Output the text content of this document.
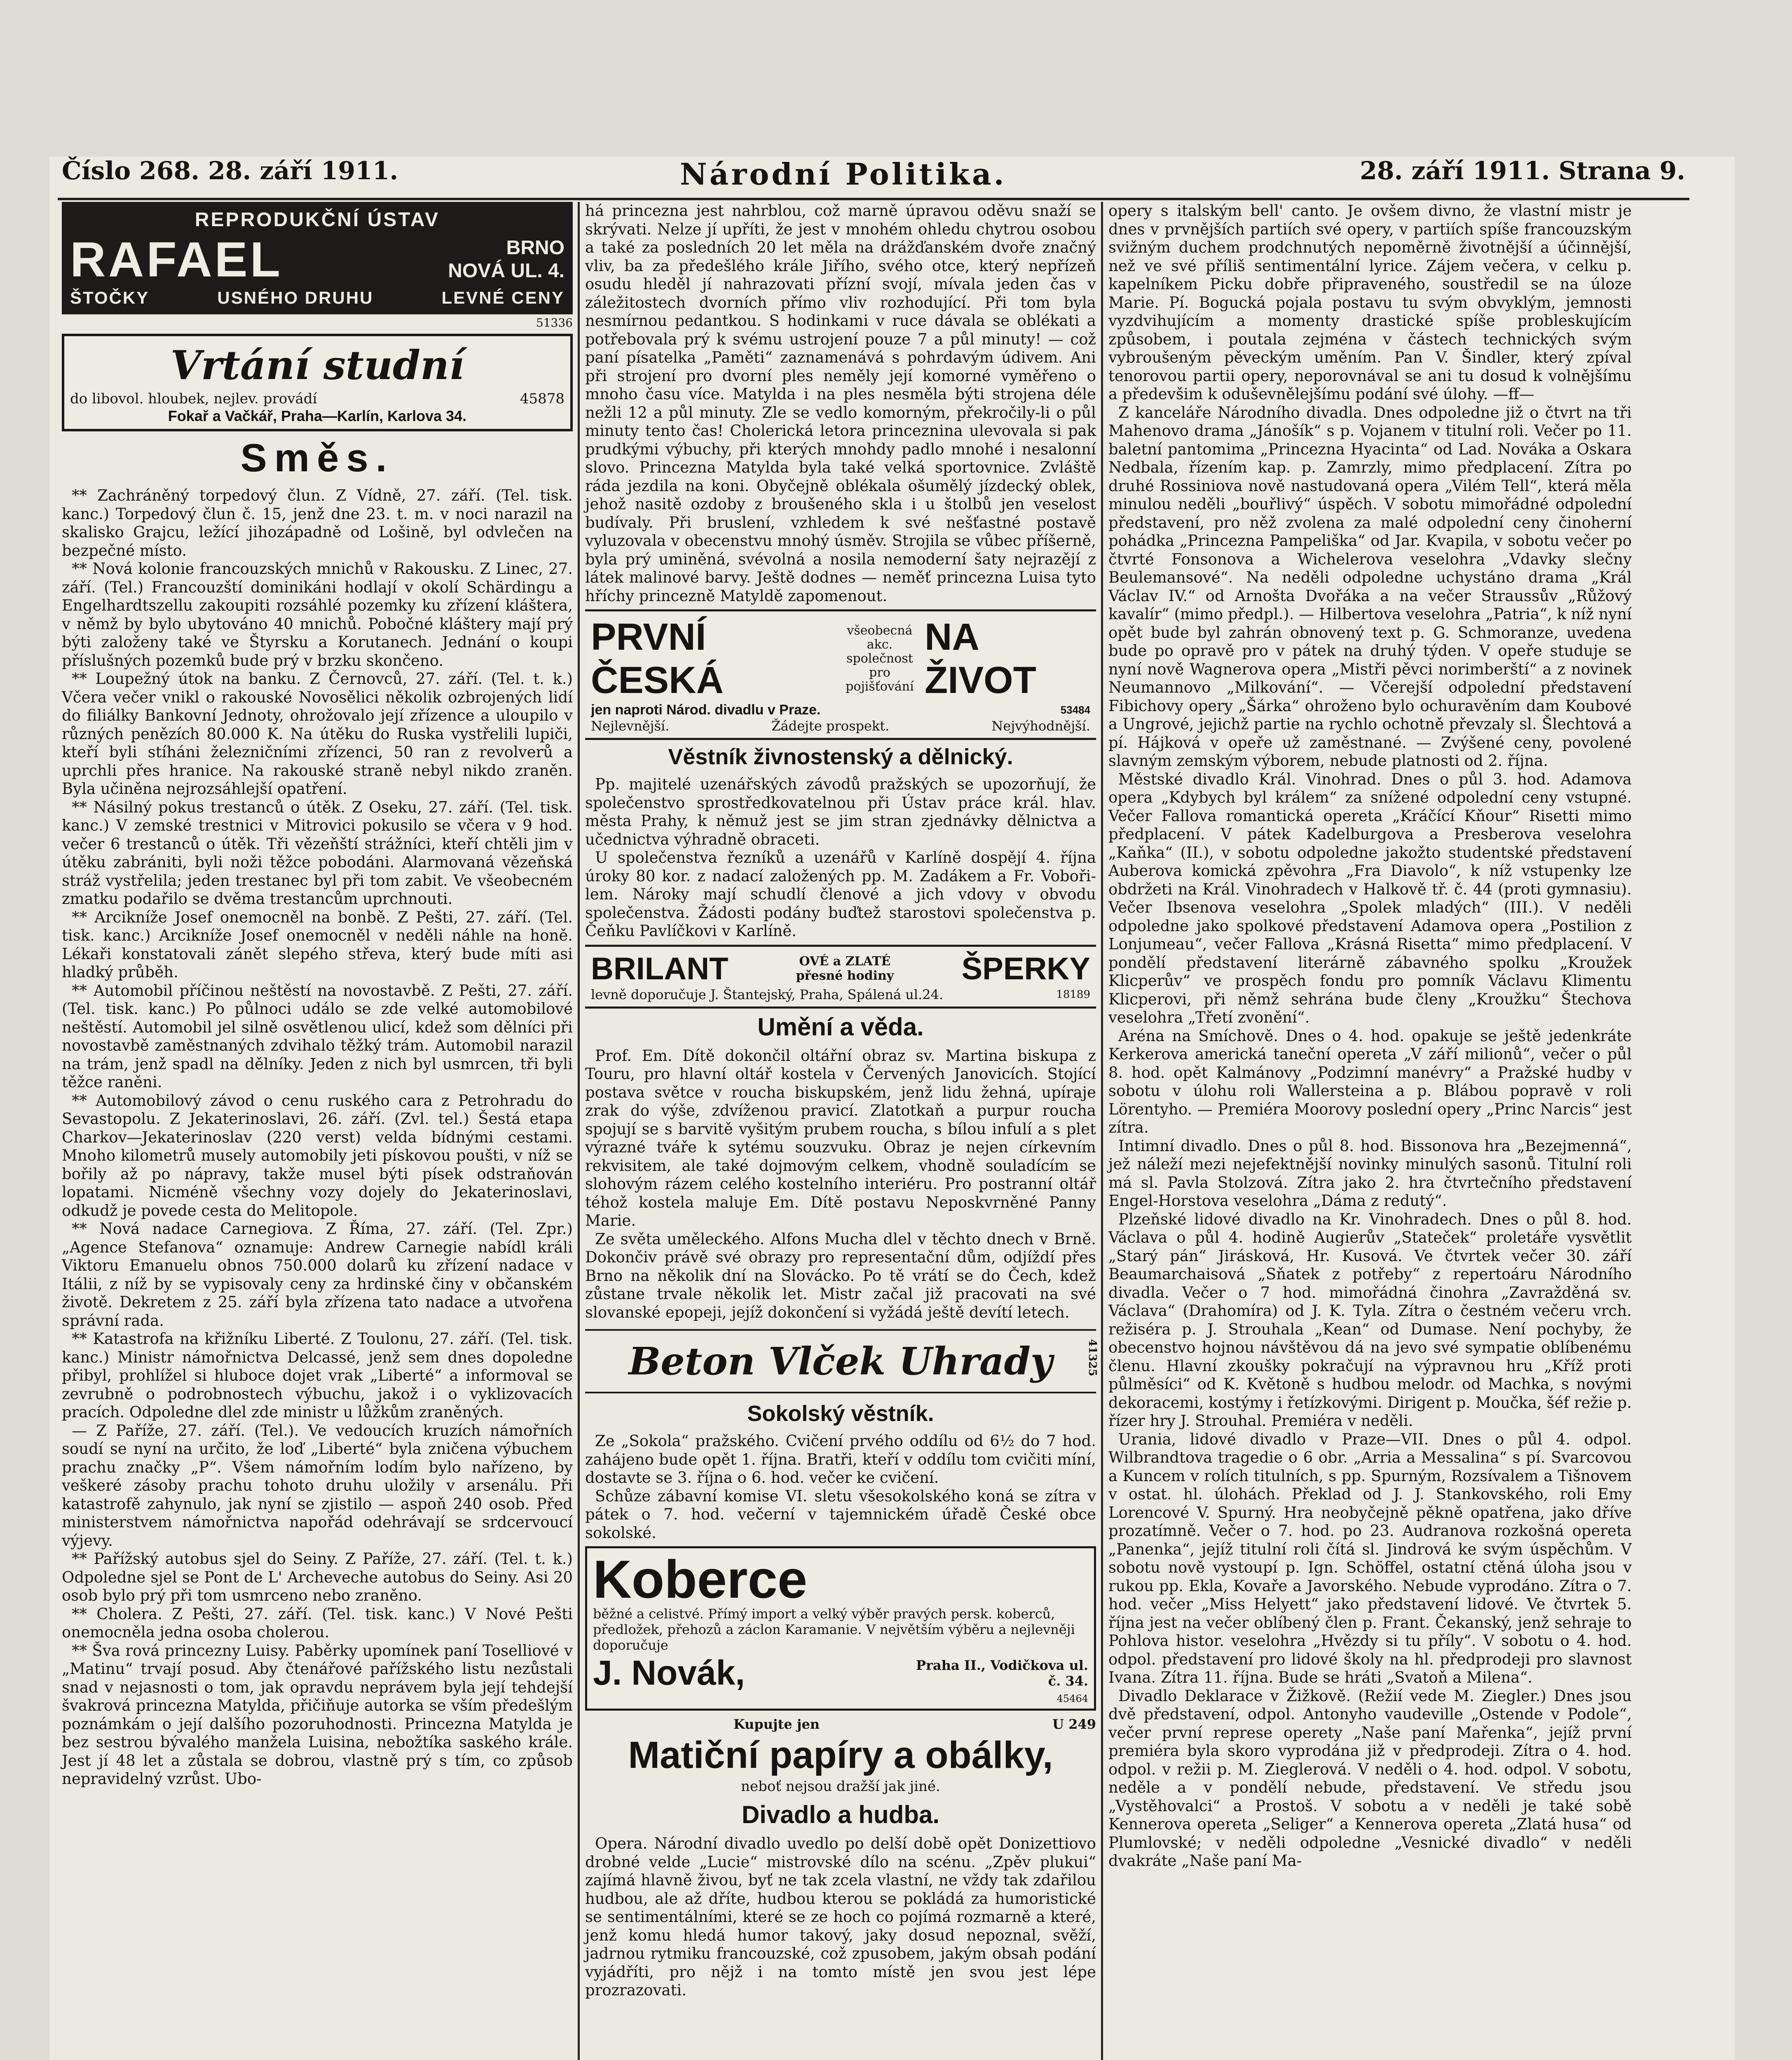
Číslo 268. 28. září 1911.	Národní Politika.	28. září 1911. Strana 9.
REPRODUKČNÍ ÚSTAV
RAFAEL	BRNO
NOVÁ UL. 4.
ŠTOČKY	USNÉHO DRUHU	LEVNÉ CENY
51336
Vrtání studní
do libovol. hloubek, nejlev. provádí	45878
Fokař a Vačkář, Praha—Karlín, Karlova 34.
Směs.

** Zachráněný torpedový člun. Z Vídně, 27. září. (Tel. tisk. kanc.) Torpedový člun č. 15, jenž dne 23. t. m. v noci narazil na skalisko Grajcu, ležící jihozápadně od Lošině, byl odvlečen na bezpečné místo.

** Nová kolonie francouzských mnichů v Rakousku. Z Linec, 27. září. (Tel.) Francouzští dominikáni hodlají v okolí Schärdingu a Engelhardtszellu zakoupiti rozsáhlé pozemky ku zřízení kláštera, v němž by bylo ubytováno 40 mnichů. Pobočné kláštery mají prý býti založeny také ve Štyrsku a Korutanech. Jednání o koupi příslušných pozemků bude prý v brzku skončeno.

** Loupežný útok na banku. Z Černovců, 27. září. (Tel. t. k.) Včera večer vnikl o rakouské Novosělici několik ozbrojených lidí do filiálky Bankovní Jednoty, ohrožovalo její zřízence a uloupilo v různých penězích 80.000 K. Na útěku do Ruska vystřelili lupiči, kteří byli stíháni železničními zřízenci, 50 ran z revolverů a uprchli přes hranice. Na rakouské straně nebyl nikdo zraněn. Byla učiněna nejrozsáhlejší opatření.

** Násilný pokus trestanců o útěk. Z Oseku, 27. září. (Tel. tisk. kanc.) V zemské trestnici v Mitrovici pokusilo se včera v 9 hod. večer 6 trestanců o útěk. Tři vězeňští strážníci, kteří chtěli jim v útěku zabrániti, byli noži těžce pobodáni. Alarmovaná vězeňská stráž vystřelila; jeden trestanec byl při tom zabit. Ve všeobecném zmatku podařilo se dvěma trestancům uprchnouti.

** Arcikníže Josef onemocněl na bonbě. Z Pešti, 27. září. (Tel. tisk. kanc.) Arcikníže Josef onemocněl v neděli náhle na honě. Lékaři konstatovali zánět slepého střeva, který bude míti asi hladký průběh.

** Automobil příčinou neštěstí na novostavbě. Z Pešti, 27. září. (Tel. tisk. kanc.) Po půlnoci událo se zde velké automobilové neštěstí. Automobil jel silně osvětlenou ulicí, kdež som dělníci při novostavbě zaměstnaných zdvihalo těžký trám. Automobil narazil na trám, jenž spadl na dělníky. Jeden z nich byl usmrcen, tři byli těžce raněni.

** Automobilový závod o cenu ruského cara z Petrohradu do Sevastopolu. Z Jekaterinoslavi, 26. září. (Zvl. tel.) Šestá etapa Charkov—Jekaterinoslav (220 verst) velda bídnými cestami. Mnoho kilometrů musely automobily jeti pískovou poušti, v níž se bořily až po nápravy, takže musel býti písek odstraňován lopatami. Nicméně všechny vozy dojely do Jekaterinoslavi, odkudž je povede cesta do Melitopole.

** Nová nadace Carnegiova. Z Říma, 27. září. (Tel. Zpr.) „Agence Stefanova“ oznamuje: Andrew Carnegie nabídl králi Viktoru Emanuelu obnos 750.000 dolarů ku zřízení nadace v Itálii, z níž by se vypisovaly ceny za hrdinské činy v občanském životě. Dekretem z 25. září byla zřízena tato nadace a utvořena správní rada.

** Katastrofa na křižníku Liberté. Z Toulonu, 27. září. (Tel. tisk. kanc.) Ministr námořnictva Delcassé, jenž sem dnes dopoledne přibyl, prohlížel si hlubocе dojet vrak „Liberté“ a informoval se zevrubně o podrobnostech výbuchu, jakož i o vyklizovacích pracích. Odpoledne dlel zde ministr u lůžkům zraněných.

— Z Paříže, 27. září. (Tel.). Ve vedoucích kruzích námořních soudí se nyní na určito, že loď „Liberté“ byla zničena výbuchem prachu značky „P“. Všem námořním lodím bylo nařízeno, by veškeré zásoby prachu tohoto druhu uložily v arsenálu. Při katastrofě zahynulo, jak nyní se zjistilo — aspoň 240 osob. Před ministerstvem námořnictva napořád odehrávají se srdcervoucí výjevy.

** Pařížský autobus sjel do Seiny. Z Paříže, 27. září. (Tel. t. k.) Odpoledne sjel se Pont de L' Archeveche autobus do Seiny. Asi 20 osob bylo prý při tom usmrceno nebo zraněno.

** Cholera. Z Pešti, 27. září. (Tel. tisk. kanc.) V Nové Pešti onemocněla jedna osoba cholerou.

** Šva rová princezny Luisy. Paběrky upomínek paní Toselliové v „Matinu“ trvají posud. Aby čtenářové pařížského listu nezůstali snad v nejasnosti o tom, jak opravdu neprávem byla její tehdejší švakrová princezna Matylda, přičiňuje autorka se vším předešlým poznámkám o její dalšího pozoruhodnosti. Princezna Matylda je bez sestrou bývalého manžela Luisina, nebožtíka saského krále. Jest jí 48 let a zůstala se dobrou, vlastně prý s tím, co způsob nepravidelný vzrůst. Ubo-

há princezna jest nahrblou, což marně úpravou oděvu snaží se skrývati. Nelze jí upříti, že jest v mnohém ohledu chytrou osobou a také za posledních 20 let měla na drážďanském dvoře značný vliv, ba za předešlého krále Jiřího, svého otce, který nepřízeň osudu hleděl jí nahrazovati přízní svojí, mívala jeden čas v záležitostech dvorních přímo vliv rozhodující. Při tom byla nesmírnou pedantkou. S hodinkami v ruce dávala se oblékati a potřebovala prý k svému ustrojení pouze 7 a půl minuty! — což paní písatelka „Paměti“ zaznamenává s pohrdavým údivem. Ani při strojení pro dvorní ples neměly její komorné vyměřeno o mnoho času více. Matylda i na ples nesměla býti strojena déle nežli 12 a půl minuty. Zle se vedlo komorným, překročily-li o půl minuty tento čas! Cholerická letora princeznina ulevovala si pak prudkými výbuchy, při kterých mnohdy padlo mnohé i nesalonní slovo. Princezna Matylda byla také velká sportovnice. Zvláště ráda jezdila na koni. Obyčejně oblékala ošumělý jízdecký oblek, jehož nasitě ozdoby z broušeného skla i u štolbů jen veselost budívaly. Při bruslení, vzhledem k své nešťastné postavě vyluzovala v obecenstvu mnohý úsměv. Strojila se vůbec příšerně, byla prý uminěná, svévolná a nosila nemoderní šaty nejrazějí z látek malinové barvy. Ještě dodnes — neměť princezna Luisa tyto hříchy princezně Matyldě zapomenout.

PRVNÍ ČESKÁ
všeobecná akc.
společnost
pro
pojišťování
NA ŽIVOT
jen naproti Národ. divadlu v Praze.	53484
Nejlevnější.	Žádejte prospekt.	Nejvýhodnější.
Věstník živnostenský a dělnický.

Pp. majitelé uzenářských závodů pražských se upozorňují, že společenstvo sprostředkovatelnou při Ústav práce král. hlav. města Prahy, k němuž jest se jim stran zjednávky dělnictva a učednictva výhradně obraceti.

U společenstva řezníků a uzenářů v Karlíně dospějí 4. října úroky 80 kor. z nadací založených pp. M. Zadákem a Fr. Vobořilem. Nároky mají schudlí členové a jich vdovy v obvodu společenstva. Žádosti podány buďtež starostovi společenstva p. Čeňku Pavlíčkovi v Karlíně.

BRILANT	OVÉ a ZLATÉ
přesné hodiny ŠPERKY
levně doporučuje J. Štantejský, Praha, Spálená ul.24.	18189
Umění a věda.

Prof. Em. Dítě dokončil oltářní obraz sv. Martina biskupa z Touru, pro hlavní oltář kostela v Červených Janovicích. Stojící postava světce v roucha biskupském, jenž lidu žehná, upíraje zrak do výše, zdvíženou pravicí. Zlatotkaň a purpur roucha spojují se s barvitě vyšitým prubem roucha, s bílou infulí a s plet výrazné tváře k sytému souzvuku. Obraz je nejen církevním rekvisitem, ale také dojmovým celkem, vhodně souladícím se slohovým rázem celého kostelního interiéru. Pro postranní oltář téhož kostela maluje Em. Dítě postavu Neposkvrněné Panny Marie.

Ze světa uměleckého. Alfons Mucha dlel v těchto dnech v Brně. Dokončiv právě své obrazy pro representační dům, odjíždí přes Brno na několik dní na Slovácko. Po tě vrátí se do Čech, kdež zůstane trvale několik let. Mistr začal již pracovati na své slovanské epopeji, jejíž dokončení si vyžádá ještě devítí letech.

Beton Vlček Uhrady	41325
Sokolský věstník.

Ze „Sokola“ pražského. Cvičení prvého oddílu od 6½ do 7 hod. zahájeno bude opět 1. října. Bratři, kteří v oddílu tom cvičiti míní, dostavte se 3. října o 6. hod. večer ke cvičení.

Schůze zábavní komise VI. sletu všesokolského koná se zítra v pátek o 7. hod. večerní v tajemnickém úřadě České obce sokolské.

Koberce
běžné a celistvé. Přímý import a velký výběr pravých persk. koberců, předložek, přehozů a záclon Karamanie. V největším výběru a nejlevněji doporučuje
J. Novák,	Praha II., Vodičkova ul. č. 34.
45464
Kupujte jen	U 249
Matiční papíry a obálky,
neboť nejsou dražší jak jiné.
Divadlo a hudba.

Opera. Národní divadlo uvedlo po delší době opět Donizettiovo drobné velde „Lucie“ mistrovské dílo na scénu. „Zpěv plukui“ zajímá hlavně živou, byť ne tak zcela vlastní, ne vždy tak zdařilou hudbou, ale až dříte, hudbou kterou se pokládá za humoristické se sentimentálními, které se ze hoch co pojímá rozmarně a které, jenž komu hledá humor takový, jaky dosud nepoznal, svěží, jadrnou rytmiku francouzské, což zpusobem, jakým obsah podání vyjádříti, pro nějž i na tomto místě jen svou jest lépe prozrazovati.

opery s italským bell' canto. Je ovšem divno, že vlastní mistr je dnes v prvnějších partiích své opery, v partiích spíše francouzským svižným duchem prodchnutých nepoměrně životnější a účinnější, než ve své příliš sentimentální lyrice. Zájem večera, v celku p. kapelníkem Picku dobře připraveného, soustředil se na úloze Marie. Pí. Bogucká pojala postavu tu svým obvyklým, jemnosti vyzdvihujícím a momenty drastické spíše probleskujícím způsobem, i poutala zejména v částech technických svým vybroušeným pěveckým uměním. Pan V. Šindler, který zpíval tenorovou partii opery, neporovnával se ani tu dosud k volnějšímu a předevšim k oduševnělejšímu podání své úlohy. —ff—

Z kanceláře Národního divadla. Dnes odpoledne již o čtvrt na tři Mahenovo drama „Jánošík“ s p. Vojanem v titulní roli. Večer po 11. baletní pantomima „Princezna Hyacinta“ od Lad. Nováka a Oskara Nedbala, řízením kap. p. Zamrzly, mimo předplacení. Zítra po druhé Rossiniova nově nastudovaná opera „Vilém Tell“, která měla minulou neděli „bouřlivý“ úspěch. V sobotu mimořádné odpolední představení, pro něž zvolena za malé odpolední ceny činoherní pohádka „Princezna Pampeliška“ od Jar. Kvapila, v sobotu večer po čtvrté Fonsonova a Wichelerova veselohra „Vdavky slečny Beulemansové“. Na neděli odpoledne uchystáno drama „Král Václav IV.“ od Arnošta Dvořáka a na večer Straussův „Růžový kavalír“ (mimo předpl.). — Hilbertova veselohra „Patria“, k níž nyní opět bude byl zahrán obnovený text p. G. Schmoranze, uvedena bude po opravě pro v pátek na druhý týden. V opeře studuje se nyní nově Wagnerova opera „Mistři pěvci norimberští“ a z novinek Neumannovo „Milkování“. — Včerejší odpolední představení Fibichovy opery „Šárka“ ohroženo bylo ochuravěním dam Koubové a Ungrové, jejichž partie na rychlo ochotně převzaly sl. Šlechtová a pí. Hájková v opeře už zaměstnané. — Zvýšené ceny, povolené slavným zemským výborem, nebude platnosti od 2. října.

Městské divadlo Král. Vinohrad. Dnes o půl 3. hod. Adamova opera „Kdybych byl králem“ za snížené odpolední ceny vstupné. Večer Fallova romantická opereta „Kráčící Kňour“ Risetti mimo předplacení. V pátek Kadelburgova a Presberova veselohra „Kaňka“ (II.), v sobotu odpoledne jakožto studentské představení Auberova komická zpěvohra „Fra Diavolo“, k níž vstupenky lze obdržeti na Král. Vinohradech v Halkově tř. č. 44 (proti gymnasiu). Večer Ibsenova veselohra „Spolek mladých“ (III.). V neděli odpoledne jako spolkové představení Adamova opera „Postilion z Lonjumeau“, večer Fallova „Krásná Risetta“ mimo předplacení. V pondělí představení literárně zábavného spolku „Kroužek Klicperův“ ve prospěch fondu pro pomník Václavu Klimentu Klicperovi, při němž sehrána bude členy „Kroužku“ Štechova veselohra „Třetí zvonění“.

Aréna na Smíchově. Dnes o 4. hod. opakuje se ještě jedenkráte Kerkerova americká taneční opereta „V září milionů“, večer o půl 8. hod. opět Kalmánovy „Podzimní manévry“ a Pražské hudby v sobotu v úlohu roli Wallersteina a p. Blábou popravě v roli Lörentyho. — Premiéra Moorovy poslední opery „Princ Narcis“ jest zítra.

Intimní divadlo. Dnes o půl 8. hod. Bissonova hra „Bezejmenná“, jež náleží mezi nejefektnější novinky minulých sasonů. Titulní roli má sl. Pavla Stolzová. Zítra jako 2. hra čtvrtečního představení Engel-Horstova veselohra „Dáma z redutý“.

Plzeňské lidové divadlo na Kr. Vinohradech. Dnes o půl 8. hod. Václava o půl 4. hodině Augierův „Stateček“ proletáře vysvětlit „Starý pán“ Jirásková, Hr. Kusová. Ve čtvrtek večer 30. září Beaumarchaisová „Sňatek z potřeby“ z repertoáru Národního divadla. Večer o 7 hod. mimořádná činohra „Zavražděná sv. Václava“ (Drahomíra) od J. K. Tyla. Zítra o čestném večeru vrch. režiséra p. J. Strouhala „Kean“ od Dumase. Není pochyby, že obecenstvo hojnou návštěvou dá na jevo své sympatie oblíbenému členu. Hlavní zkoušky pokračují na výpravnou hru „Kříž proti půlměsíci“ od K. Květoně s hudbou melodr. od Machka, s novými dekoracemi, kostýmy i řetízkovými. Dirigent p. Moučka, šéf režie p. řízer hry J. Strouhal. Premiéra v neděli.

Urania, lidové divadlo v Praze—VII. Dnes o půl 4. odpol. Wilbrandtova tragedie o 6 obr. „Arria a Messalina“ s pí. Svarcovou a Kuncem v rolích titulních, s pp. Spurným, Rozsívalem a Tišnovem v ostat. hl. úlohách. Překlad od J. J. Stankovského, roli Emy Lorencové V. Spurný. Hra neobyčejně pěkně opatřena, jako dříve prozatímně. Večer o 7. hod. po 23. Audranova rozkošná opereta „Panenka“, jejíž titulní roli čítá sl. Jindrová ke svým úspěchům. V sobotu nově vystoupí p. Ign. Schöffel, ostatní ctěná úloha jsou v rukou pp. Ekla, Kovaře a Javorského. Nebude vyprodáno. Zítra o 7. hod. večer „Miss Helyett“ jako představení lidové. Ve čtvrtek 5. října jest na večer oblíbený člen p. Frant. Čekanský, jenž sehraje to Pohlova histor. veselohra „Hvězdy si tu příly“. V sobotu o 4. hod. odpol. představení pro lidové školy na hl. předprodeji pro slavnost Ivana. Zítra 11. října. Bude se hráti „Svatoň a Milena“.

Divadlo Deklarace v Žižkově. (Režií vede M. Ziegler.) Dnes jsou dvě představení, odpol. Antonyho vaudeville „Ostende v Podole“, večer první represe operety „Naše paní Mařenka“, jejíž první premiéra byla skoro vyprodána již v předprodeji. Zítra o 4. hod. odpol. v režii p. M. Zieglerová. V neděli o 4. hod. odpol. V sobotu, neděle a v pondělí nebude, představení. Ve středu jsou „Vystěhovalci“ a Prostoš. V sobotu a v neděli je také sobě Kennerova opereta „Seliger“ a Kennerova opereta „Zlatá husa“ od Plumlovské; v neděli odpoledne „Vesnické divadlo“ v neděli dvakráte „Naše paní Ma-
